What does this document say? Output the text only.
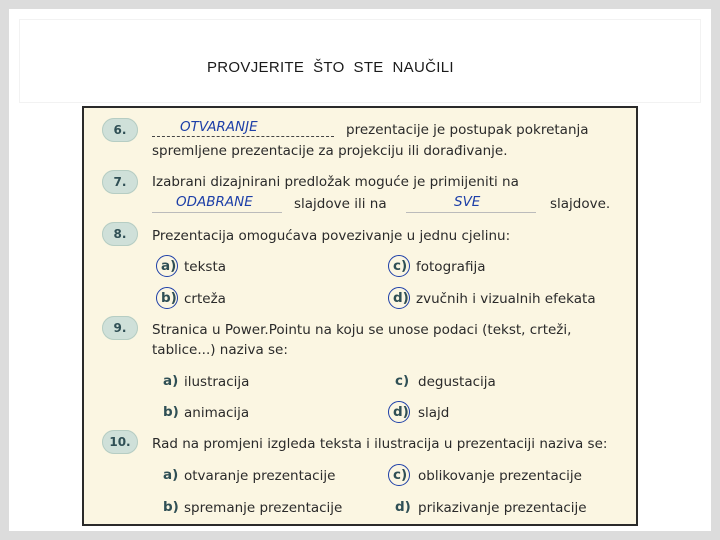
PROVJERITE  ŠTO  STE  NAUČILI
6.	OTVARANJE	prezentacije je postupak pokretanja
spremljene prezentacije za projekciju ili dorađivanje.
7.	Izabrani dizajnirani predložak moguće je primijeniti na
ODABRANE	slajdove ili na	SVE	slajdove.
8.	Prezentacija omogućava povezivanje u jednu cjelinu:
a) teksta	c) fotografija
b) crteža	d) zvučnih i vizualnih efekata
9.	Stranica u Power.Pointu na koju se unose podaci (tekst, crteži,
tablice...) naziva se:
a) ilustracija	c) degustacija
b) animacija	d) slajd
10.	Rad na promjeni izgleda teksta i ilustracija u prezentaciji naziva se:
a) otvaranje prezentacije	c) oblikovanje prezentacije
b) spremanje prezentacije	d) prikazivanje prezentacije
